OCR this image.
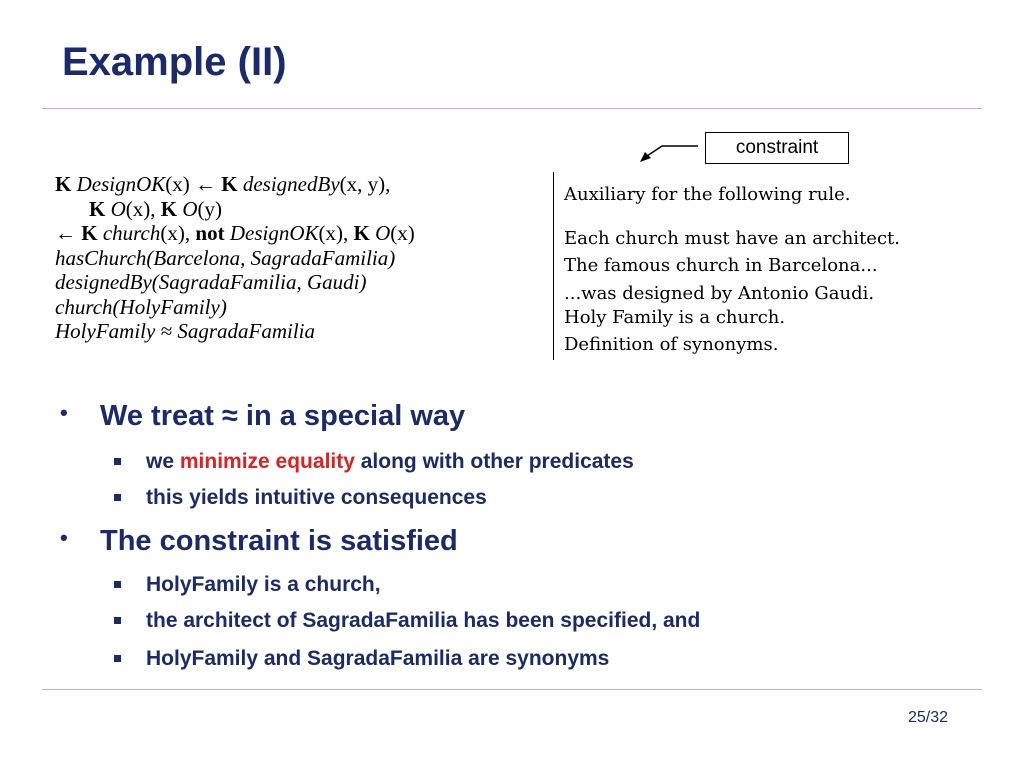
Example (II)
constraint
K DesignOK(x) ← K designedBy(x, y),
K O(x), K O(y)
← K church(x), not DesignOK(x), K O(x)
hasChurch(Barcelona, SagradaFamilia)
designedBy(SagradaFamilia, Gaudi)
church(HolyFamily)
HolyFamily ≈ SagradaFamilia
Auxiliary for the following rule.
Each church must have an architect.
The famous church in Barcelona...
...was designed by Antonio Gaudi.
Holy Family is a church.
Definition of synonyms.
• We treat ≈ in a special way
we minimize equality along with other predicates
this yields intuitive consequences
• The constraint is satisfied
HolyFamily is a church,
the architect of SagradaFamilia has been specified, and
HolyFamily and SagradaFamilia are synonyms
25/32
